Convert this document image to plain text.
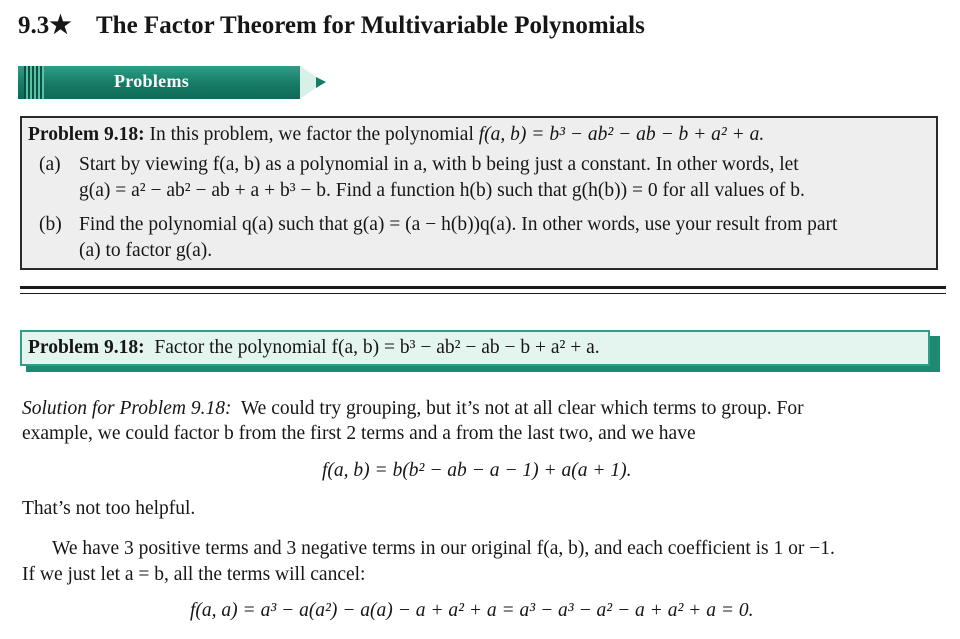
9.3★ The Factor Theorem for Multivariable Polynomials
Problems
Problem 9.18: In this problem, we factor the polynomial f(a, b) = b³ − ab² − ab − b + a² + a.
(a) Start by viewing f(a, b) as a polynomial in a, with b being just a constant. In other words, let
g(a) = a² − ab² − ab + a + b³ − b. Find a function h(b) such that g(h(b)) = 0 for all values of b.
(b) Find the polynomial q(a) such that g(a) = (a − h(b))q(a). In other words, use your result from part
(a) to factor g(a).
Problem 9.18: Factor the polynomial f(a, b) = b³ − ab² − ab − b + a² + a.
Solution for Problem 9.18: We could try grouping, but it’s not at all clear which terms to group. For
example, we could factor b from the first 2 terms and a from the last two, and we have
f(a, b) = b(b² − ab − a − 1) + a(a + 1).
That’s not too helpful.
We have 3 positive terms and 3 negative terms in our original f(a, b), and each coefficient is 1 or −1.
If we just let a = b, all the terms will cancel:
f(a, a) = a³ − a(a²) − a(a) − a + a² + a = a³ − a³ − a² − a + a² + a = 0.
